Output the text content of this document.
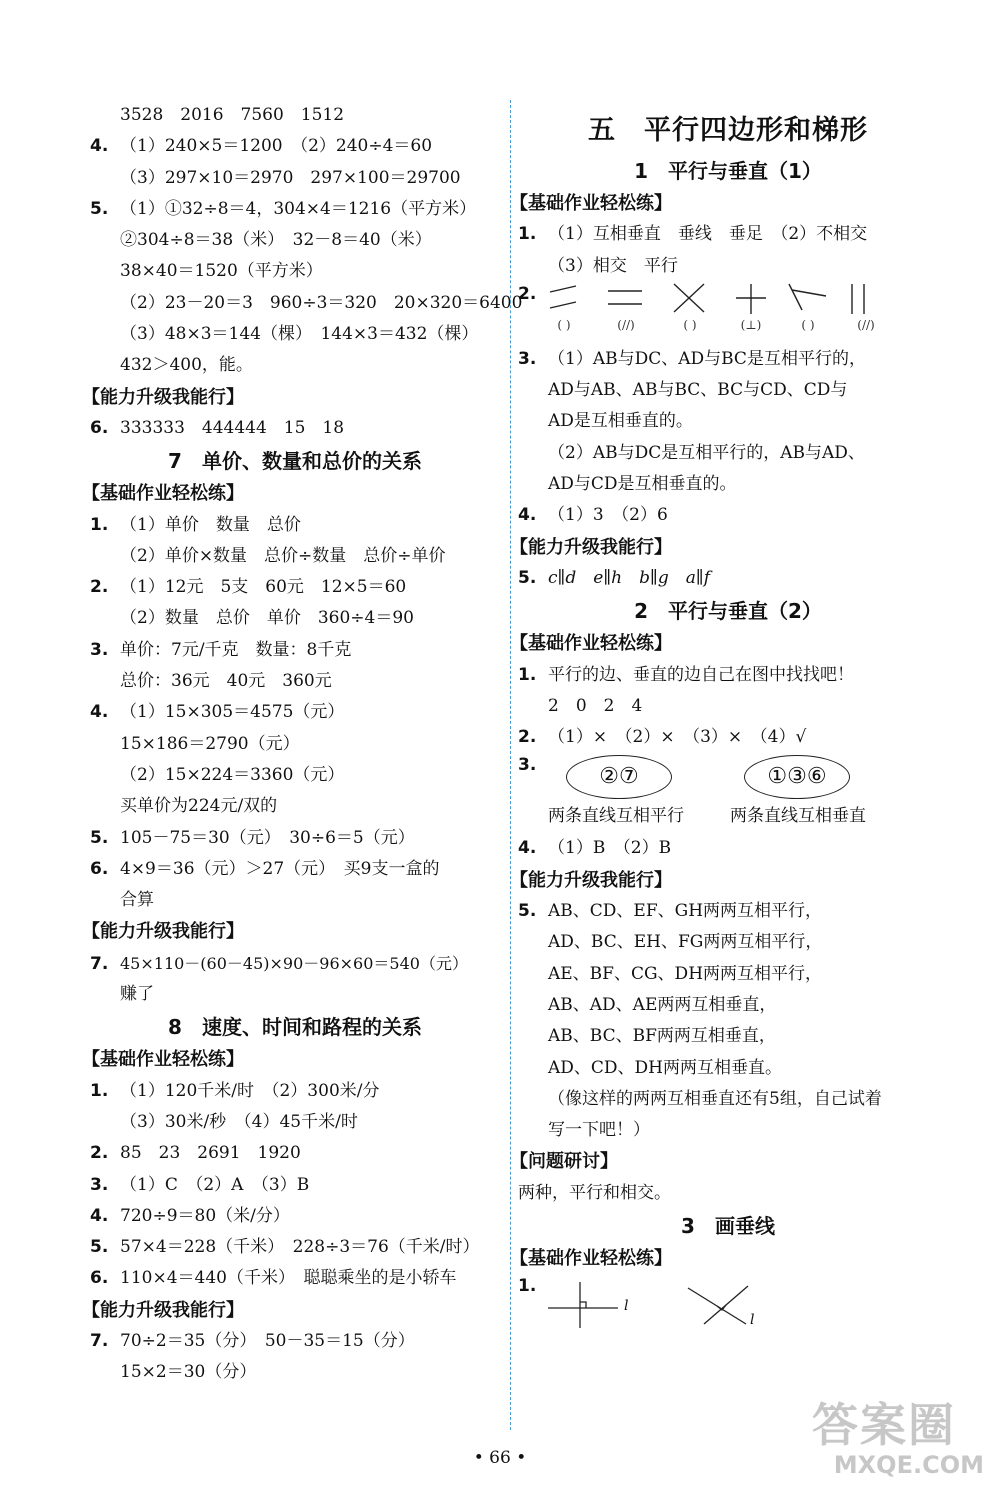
3528　2016　7560　1512
4. （1）240×5＝1200　（2）240÷4＝60
（3）297×10＝2970　297×100＝29700
5. （1）①32÷8＝4，304×4＝1216（平方米）
②304÷8＝38（米）　32－8＝40（米）
38×40＝1520（平方米）
（2）23－20＝3　960÷3＝320　20×320＝6400
（3）48×3＝144（棵）　144×3＝432（棵）
432＞400，能。
【能力升级我能行】
6. 333333　444444　15　18
7　单价、数量和总价的关系
【基础作业轻松练】
1. （1）单价　数量　总价
（2）单价×数量　总价÷数量　总价÷单价
2. （1）12元　5支　60元　12×5＝60
（2）数量　总价　单价　360÷4＝90
3. 单价：7元/千克　数量：8千克
总价：36元　40元　360元
4. （1）15×305＝4575（元）
15×186＝2790（元）
（2）15×224＝3360（元）
买单价为224元/双的
5. 105－75＝30（元）　30÷6＝5（元）
6. 4×9＝36（元）＞27（元）　买9支一盒的
合算
【能力升级我能行】
7. 45×110－(60－45)×90－96×60＝540（元）
赚了
8　速度、时间和路程的关系
【基础作业轻松练】
1. （1）120千米/时　（2）300米/分
（3）30米/秒　（4）45千米/时
2. 85　23　2691　1920
3. （1）C　（2）A　（3）B
4. 720÷9＝80（米/分）
5. 57×4＝228（千米）　228÷3＝76（千米/时）
6. 110×4＝440（千米）　聪聪乘坐的是小轿车
【能力升级我能行】
7. 70÷2＝35（分）　50－35＝15（分）
15×2＝30（分）
五　平行四边形和梯形
1　平行与垂直（1）
【基础作业轻松练】
1. （1）互相垂直　垂线　垂足　（2）不相交
（3）相交　平行
2.
( )	(//)	( )	(⊥)	( )	(//)
3. （1）AB与DC、AD与BC是互相平行的，
AD与AB、AB与BC、BC与CD、CD与
AD是互相垂直的。
（2）AB与DC是互相平行的，AB与AD、
AD与CD是互相垂直的。
4. （1）3　（2）6
【能力升级我能行】
5. c∥d　e∥h　b∥g　a∥f
2　平行与垂直（2）
【基础作业轻松练】
1. 平行的边、垂直的边自己在图中找找吧！
2　0　2　4
2. （1）×　（2）×　（3）×　（4）√
3.	②⑦	①③⑥
两条直线互相平行	两条直线互相垂直
4. （1）B　（2）B
【能力升级我能行】
5. AB、CD、EF、GH两两互相平行，
AD、BC、EH、FG两两互相平行，
AE、BF、CG、DH两两互相平行，
AB、AD、AE两两互相垂直，
AB、BC、BF两两互相垂直，
AD、CD、DH两两互相垂直。
（像这样的两两互相垂直还有5组，自己试着
写一下吧！）
【问题研讨】
两种，平行和相交。
3　画垂线
【基础作业轻松练】
1.
l
l
• 66 •
答案圈
MXQE.COM
